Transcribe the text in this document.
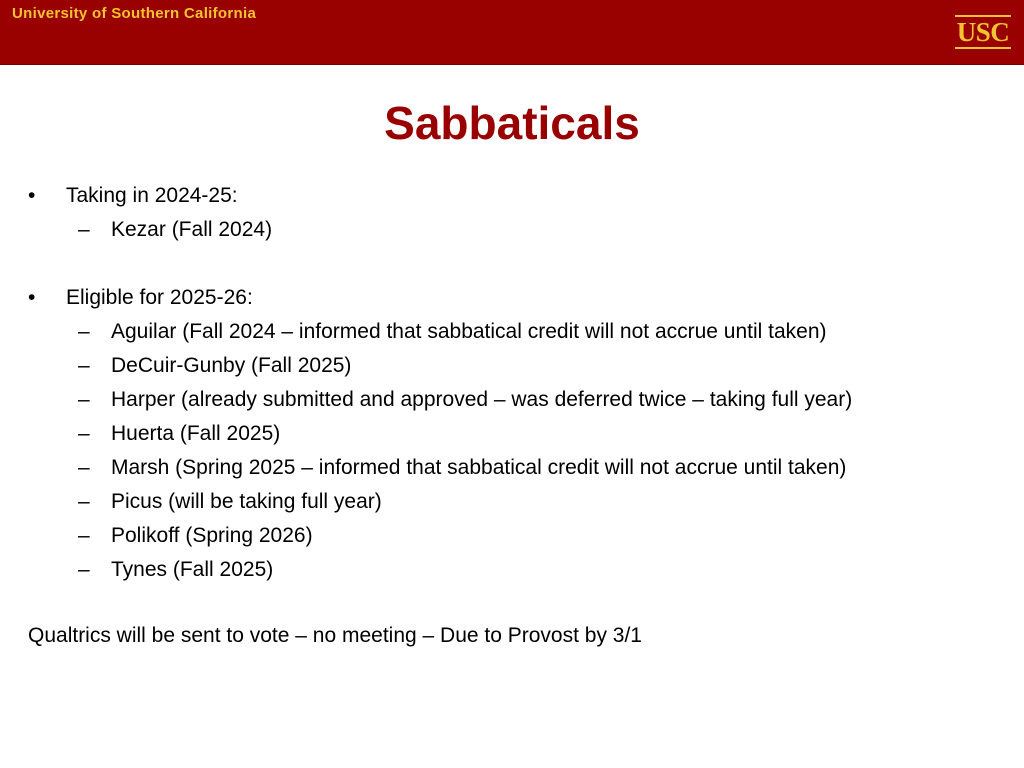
University of Southern California
USC
Sabbaticals
•	Taking in 2024-25:
– Kezar (Fall 2024)
•	Eligible for 2025-26:
– Aguilar (Fall 2024 – informed that sabbatical credit will not accrue until taken)
– DeCuir-Gunby (Fall 2025)
– Harper (already submitted and approved – was deferred twice – taking full year)
– Huerta (Fall 2025)
– Marsh (Spring 2025 – informed that sabbatical credit will not accrue until taken)
– Picus (will be taking full year)
– Polikoff (Spring 2026)
– Tynes (Fall 2025)
Qualtrics will be sent to vote – no meeting – Due to Provost by 3/1
